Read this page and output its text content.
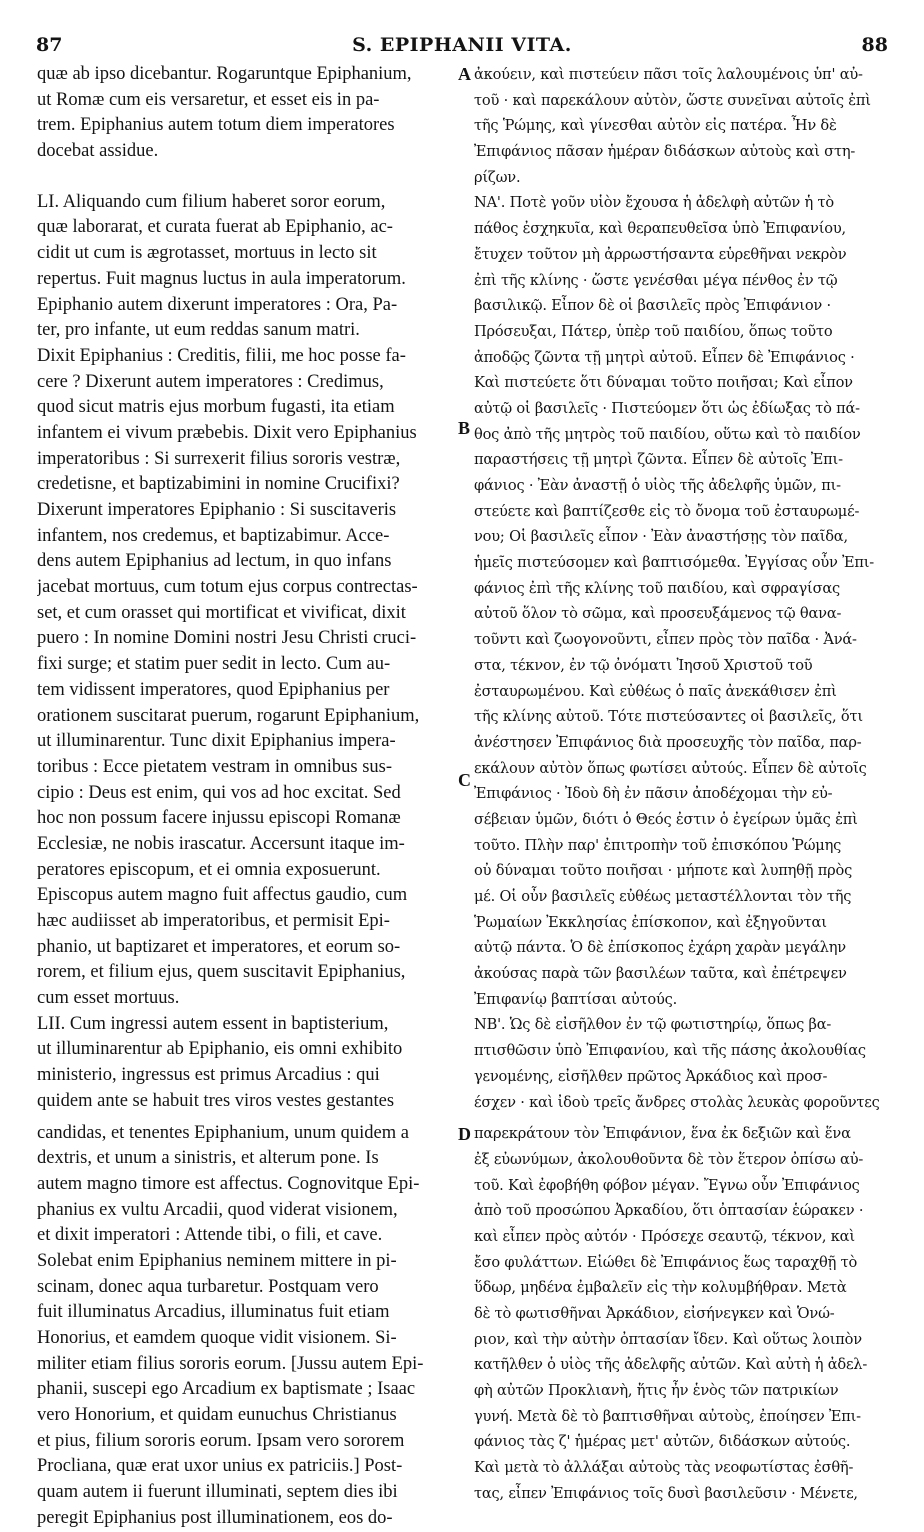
87	S. EPIPHANII VITA.	88

quæ ab ipso dicebantur. Rogaruntque Epiphanium,

ut Romæ cum eis versaretur, et esset eis in pa-

trem. Epiphanius autem totum diem imperatores

docebat assidue.

LI. Aliquando cum filium haberet soror eorum,

quæ laborarat, et curata fuerat ab Epiphanio, ac-

cidit ut cum is ægrotasset, mortuus in lecto sit

repertus. Fuit magnus luctus in aula imperatorum.

Epiphanio autem dixerunt imperatores : Ora, Pa-

ter, pro infante, ut eum reddas sanum matri.

Dixit Epiphanius : Creditis, filii, me hoc posse fa-

cere ? Dixerunt autem imperatores : Credimus,

quod sicut matris ejus morbum fugasti, ita etiam

infantem ei vivum præbebis. Dixit vero Epiphanius

imperatoribus : Si surrexerit filius sororis vestræ,

credetisne, et baptizabimini in nomine Crucifixi?

Dixerunt imperatores Epiphanio : Si suscitaveris

infantem, nos credemus, et baptizabimur. Acce-

dens autem Epiphanius ad lectum, in quo infans

jacebat mortuus, cum totum ejus corpus contrectas-

set, et cum orasset qui mortificat et vivificat, dixit

puero : In nomine Domini nostri Jesu Christi cruci-

fixi surge; et statim puer sedit in lecto. Cum au-

tem vidissent imperatores, quod Epiphanius per

orationem suscitarat puerum, rogarunt Epiphanium,

ut illuminarentur. Tunc dixit Epiphanius impera-

toribus : Ecce pietatem vestram in omnibus sus-

cipio : Deus est enim, qui vos ad hoc excitat. Sed

hoc non possum facere injussu episcopi Romanæ

Ecclesiæ, ne nobis irascatur. Accersunt itaque im-

peratores episcopum, et ei omnia exposuerunt.

Episcopus autem magno fuit affectus gaudio, cum

hæc audiisset ab imperatoribus, et permisit Epi-

phanio, ut baptizaret et imperatores, et eorum so-

rorem, et filium ejus, quem suscitavit Epiphanius,

cum esset mortuus.

LII. Cum ingressi autem essent in baptisterium,

ut illuminarentur ab Epiphanio, eis omni exhibito

ministerio, ingressus est primus Arcadius : qui

quidem ante se habuit tres viros vestes gestantes

candidas, et tenentes Epiphanium, unum quidem a

dextris, et unum a sinistris, et alterum pone. Is

autem magno timore est affectus. Cognovitque Epi-

phanius ex vultu Arcadii, quod viderat visionem,

et dixit imperatori : Attende tibi, o fili, et cave.

Solebat enim Epiphanius neminem mittere in pi-

scinam, donec aqua turbaretur. Postquam vero

fuit illuminatus Arcadius, illuminatus fuit etiam

Honorius, et eamdem quoque vidit visionem. Si-

militer etiam filius sororis eorum. [Jussu autem Epi-

phanii, suscepi ego Arcadium ex baptismate ; Isaac

vero Honorium, et quidam eunuchus Christianus

et pius, filium sororis eorum. Ipsam vero sororem

Procliana, quæ erat uxor unius ex patriciis.] Post-

quam autem ii fuerunt illuminati, septem dies ibi

peregit Epiphanius post illuminationem, eos do-

A
B
C
D

ἀκούειν, καὶ πιστεύειν πᾶσι τοῖς λαλουμένοις ὑπ' αὐ-

τοῦ · καὶ παρεκάλουν αὐτὸν, ὥστε συνεῖναι αὐτοῖς ἐπὶ

τῆς Ῥώμης, καὶ γίνεσθαι αὐτὸν εἰς πατέρα. Ἦν δὲ

Ἐπιφάνιος πᾶσαν ἡμέραν διδάσκων αὐτοὺς καὶ στη-

ρίζων.

ΝΑ'. Ποτὲ γοῦν υἱὸν ἔχουσα ἡ ἀδελφὴ αὐτῶν ἡ τὸ

πάθος ἐσχηκυῖα, καὶ θεραπευθεῖσα ὑπὸ Ἐπιφανίου,

ἔτυχεν τοῦτον μὴ ἀρρωστήσαντα εὑρεθῆναι νεκρὸν

ἐπὶ τῆς κλίνης · ὥστε γενέσθαι μέγα πένθος ἐν τῷ

βασιλικῷ. Εἶπον δὲ οἱ βασιλεῖς πρὸς Ἐπιφάνιον ·

Πρόσευξαι, Πάτερ, ὑπὲρ τοῦ παιδίου, ὅπως τοῦτο

ἀποδῷς ζῶντα τῇ μητρὶ αὐτοῦ. Εἶπεν δὲ Ἐπιφάνιος ·

Καὶ πιστεύετε ὅτι δύναμαι τοῦτο ποιῆσαι; Καὶ εἶπον

αὐτῷ οἱ βασιλεῖς · Πιστεύομεν ὅτι ὡς ἐδίωξας τὸ πά-

θος ἀπὸ τῆς μητρὸς τοῦ παιδίου, οὕτω καὶ τὸ παιδίον

παραστήσεις τῇ μητρὶ ζῶντα. Εἶπεν δὲ αὐτοῖς Ἐπι-

φάνιος · Ἐὰν ἀναστῇ ὁ υἱὸς τῆς ἀδελφῆς ὑμῶν, πι-

στεύετε καὶ βαπτίζεσθε εἰς τὸ ὄνομα τοῦ ἐσταυρωμέ-

νου; Οἱ βασιλεῖς εἶπον · Ἐὰν ἀναστήσῃς τὸν παῖδα,

ἡμεῖς πιστεύσομεν καὶ βαπτισόμεθα. Ἐγγίσας οὖν Ἐπι-

φάνιος ἐπὶ τῆς κλίνης τοῦ παιδίου, καὶ σφραγίσας

αὐτοῦ ὅλον τὸ σῶμα, καὶ προσευξάμενος τῷ θανα-

τοῦντι καὶ ζωογονοῦντι, εἶπεν πρὸς τὸν παῖδα · Ἀνά-

στα, τέκνον, ἐν τῷ ὀνόματι Ἰησοῦ Χριστοῦ τοῦ

ἐσταυρωμένου. Καὶ εὐθέως ὁ παῖς ἀνεκάθισεν ἐπὶ

τῆς κλίνης αὐτοῦ. Τότε πιστεύσαντες οἱ βασιλεῖς, ὅτι

ἀνέστησεν Ἐπιφάνιος διὰ προσευχῆς τὸν παῖδα, παρ-

εκάλουν αὐτὸν ὅπως φωτίσει αὐτούς. Εἶπεν δὲ αὐτοῖς

Ἐπιφάνιος · Ἰδοὺ δὴ ἐν πᾶσιν ἀποδέχομαι τὴν εὐ-

σέβειαν ὑμῶν, διότι ὁ Θεός ἐστιν ὁ ἐγείρων ὑμᾶς ἐπὶ

τοῦτο. Πλὴν παρ' ἐπιτροπὴν τοῦ ἐπισκόπου Ῥώμης

οὐ δύναμαι τοῦτο ποιῆσαι · μήποτε καὶ λυπηθῇ πρὸς

μέ. Οἱ οὖν βασιλεῖς εὐθέως μεταστέλλονται τὸν τῆς

Ῥωμαίων Ἐκκλησίας ἐπίσκοπον, καὶ ἐξηγοῦνται

αὐτῷ πάντα. Ὁ δὲ ἐπίσκοπος ἐχάρη χαρὰν μεγάλην

ἀκούσας παρὰ τῶν βασιλέων ταῦτα, καὶ ἐπέτρεψεν

Ἐπιφανίῳ βαπτίσαι αὐτούς.

ΝΒ'. Ὡς δὲ εἰσῆλθον ἐν τῷ φωτιστηρίῳ, ὅπως βα-

πτισθῶσιν ὑπὸ Ἐπιφανίου, καὶ τῆς πάσης ἀκολουθίας

γενομένης, εἰσῆλθεν πρῶτος Ἀρκάδιος καὶ προσ-

έσχεν · καὶ ἰδοὺ τρεῖς ἄνδρες στολὰς λευκὰς φοροῦντες

παρεκράτουν τὸν Ἐπιφάνιον, ἕνα ἐκ δεξιῶν καὶ ἕνα

ἐξ εὐωνύμων, ἀκολουθοῦντα δὲ τὸν ἕτερον ὀπίσω αὐ-

τοῦ. Καὶ ἐφοβήθη φόβον μέγαν. Ἔγνω οὖν Ἐπιφάνιος

ἀπὸ τοῦ προσώπου Ἀρκαδίου, ὅτι ὀπτασίαν ἑώρακεν ·

καὶ εἶπεν πρὸς αὐτόν · Πρόσεχε σεαυτῷ, τέκνον, καὶ

ἔσο φυλάττων. Εἰώθει δὲ Ἐπιφάνιος ἕως ταραχθῇ τὸ

ὕδωρ, μηδένα ἐμβαλεῖν εἰς τὴν κολυμβήθραν. Μετὰ

δὲ τὸ φωτισθῆναι Ἀρκάδιον, εἰσήνεγκεν καὶ Ὁνώ-

ριον, καὶ τὴν αὐτὴν ὀπτασίαν ἴδεν. Καὶ οὕτως λοιπὸν

κατῆλθεν ὁ υἱὸς τῆς ἀδελφῆς αὐτῶν. Καὶ αὐτὴ ἡ ἀδελ-

φὴ αὐτῶν Προκλιανὴ, ἥτις ἦν ἑνὸς τῶν πατρικίων

γυνή. Μετὰ δὲ τὸ βαπτισθῆναι αὐτοὺς, ἐποίησεν Ἐπι-

φάνιος τὰς ζ' ἡμέρας μετ' αὐτῶν, διδάσκων αὐτούς.

Καὶ μετὰ τὸ ἀλλάξαι αὐτοὺς τὰς νεοφωτίστας ἐσθῆ-

τας, εἶπεν Ἐπιφάνιος τοῖς δυσὶ βασιλεῦσιν · Μένετε,
